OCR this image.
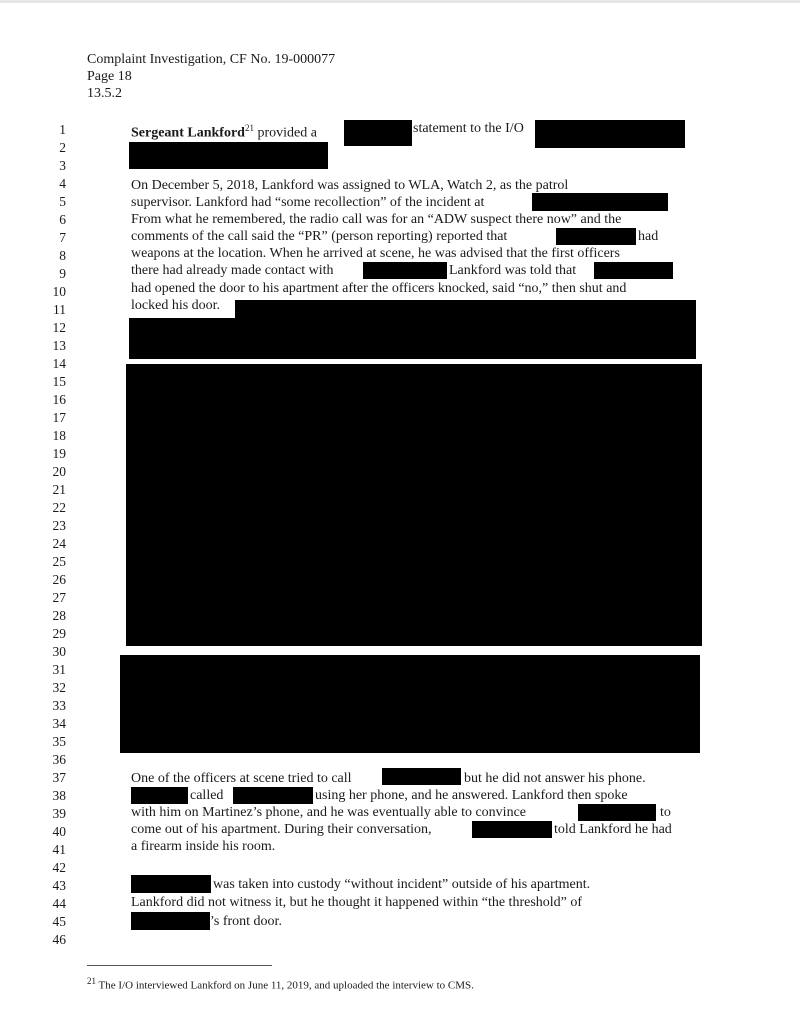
Complaint Investigation, CF No. 19-000077
Page 18
13.5.2
1
2
3
4
5
6
7
8
9
10
11
12
13
14
15
16
17
18
19
20
21
22
23
24
25
26
27
28
29
30
31
32
33
34
35
36
37
38
39
40
41
42
43
44
45
46
Sergeant Lankford$^{21}$ provided a	statement to the I/O
On December 5, 2018, Lankford was assigned to WLA, Watch 2, as the patrol
supervisor. Lankford had “some recollection” of the incident at
From what he remembered, the radio call was for an “ADW suspect there now” and the
comments of the call said the “PR” (person reporting) reported that	had
weapons at the location. When he arrived at scene, he was advised that the first officers
there had already made contact with	Lankford was told that
had opened the door to his apartment after the officers knocked, said “no,” then shut and
locked his door.
One of the officers at scene tried to call	but he did not answer his phone.
called	using her phone, and he answered. Lankford then spoke
with him on Martinez’s phone, and he was eventually able to convince	to
come out of his apartment. During their conversation,	told Lankford he had
a firearm inside his room.
was taken into custody “without incident” outside of his apartment.
Lankford did not witness it, but he thought it happened within “the threshold” of
’s front door.
$^{21}$ The I/O interviewed Lankford on June 11, 2019, and uploaded the interview to CMS.
